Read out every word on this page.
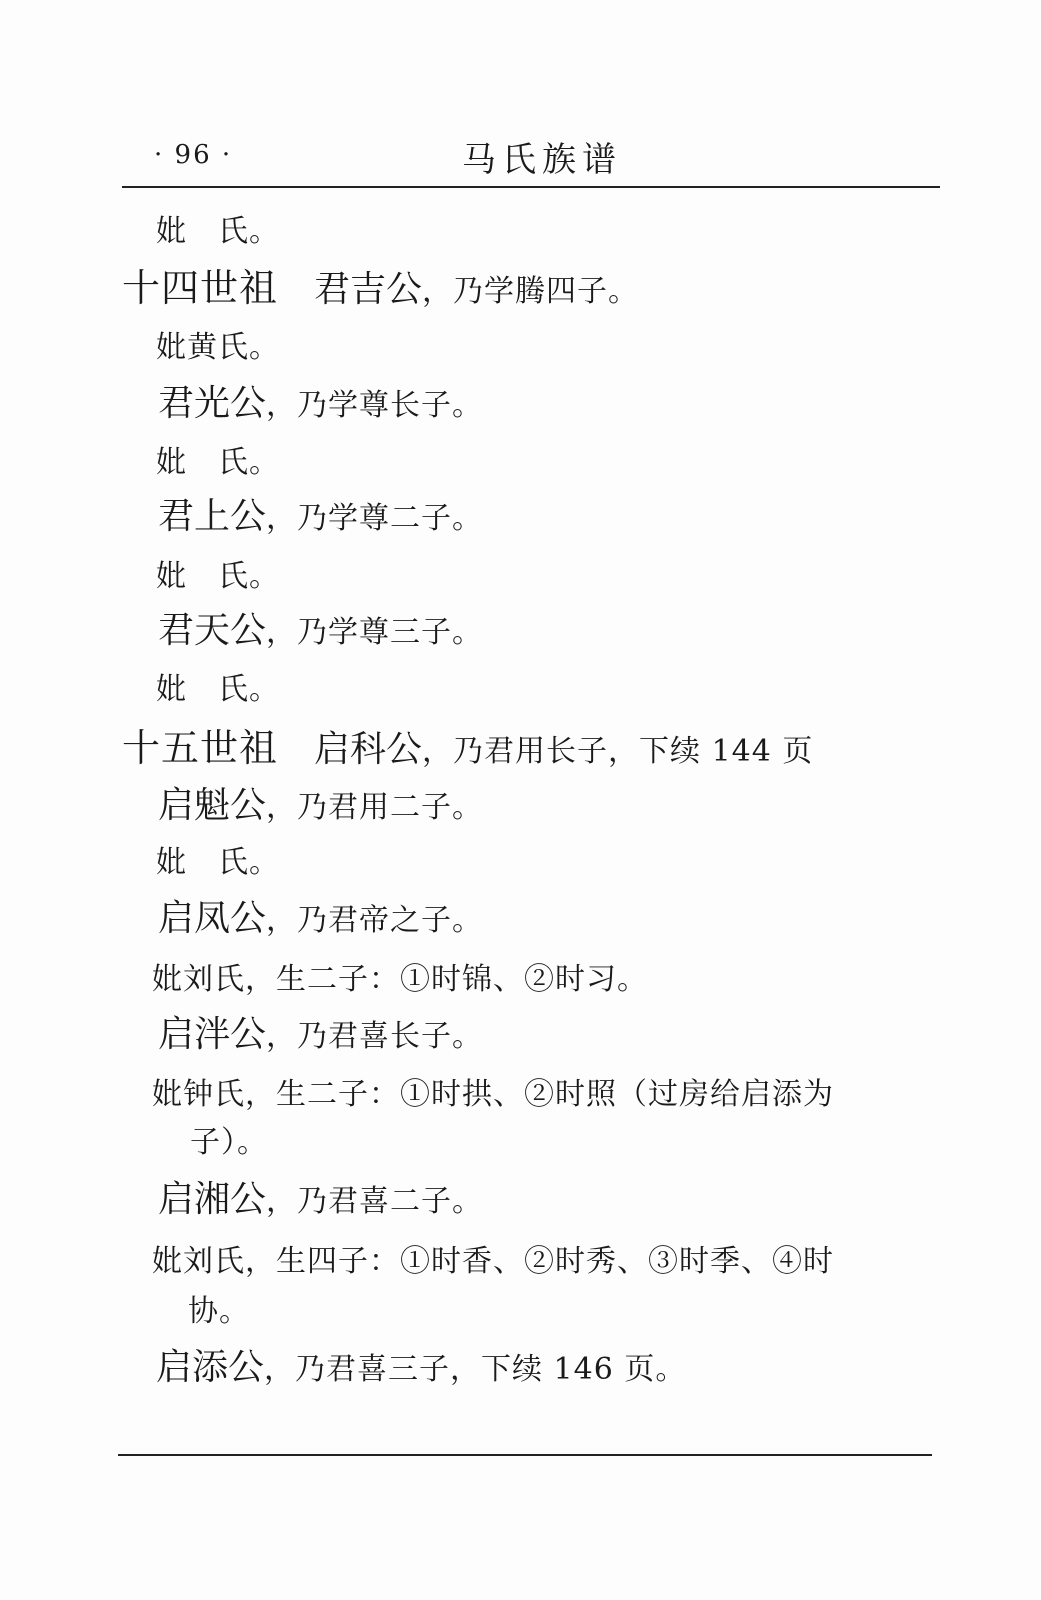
· 96 ·	马氏族谱
妣　氏。
十四世祖 君吉公，乃学腾四子。
妣黄氏。
君光公，乃学尊长子。
妣　氏。
君上公，乃学尊二子。
妣　氏。
君天公，乃学尊三子。
妣　氏。
十五世祖 启科公，乃君用长子，下续 144 页
启魁公，乃君用二子。
妣　氏。
启凤公，乃君帝之子。
妣刘氏，生二子：①时锦、②时习。
启泮公，乃君喜长子。
妣钟氏，生二子：①时拱、②时照（过房给启添为
子）。
启湘公，乃君喜二子。
妣刘氏，生四子：①时香、②时秀、③时季、④时
协。
启添公，乃君喜三子，下续 146 页。
